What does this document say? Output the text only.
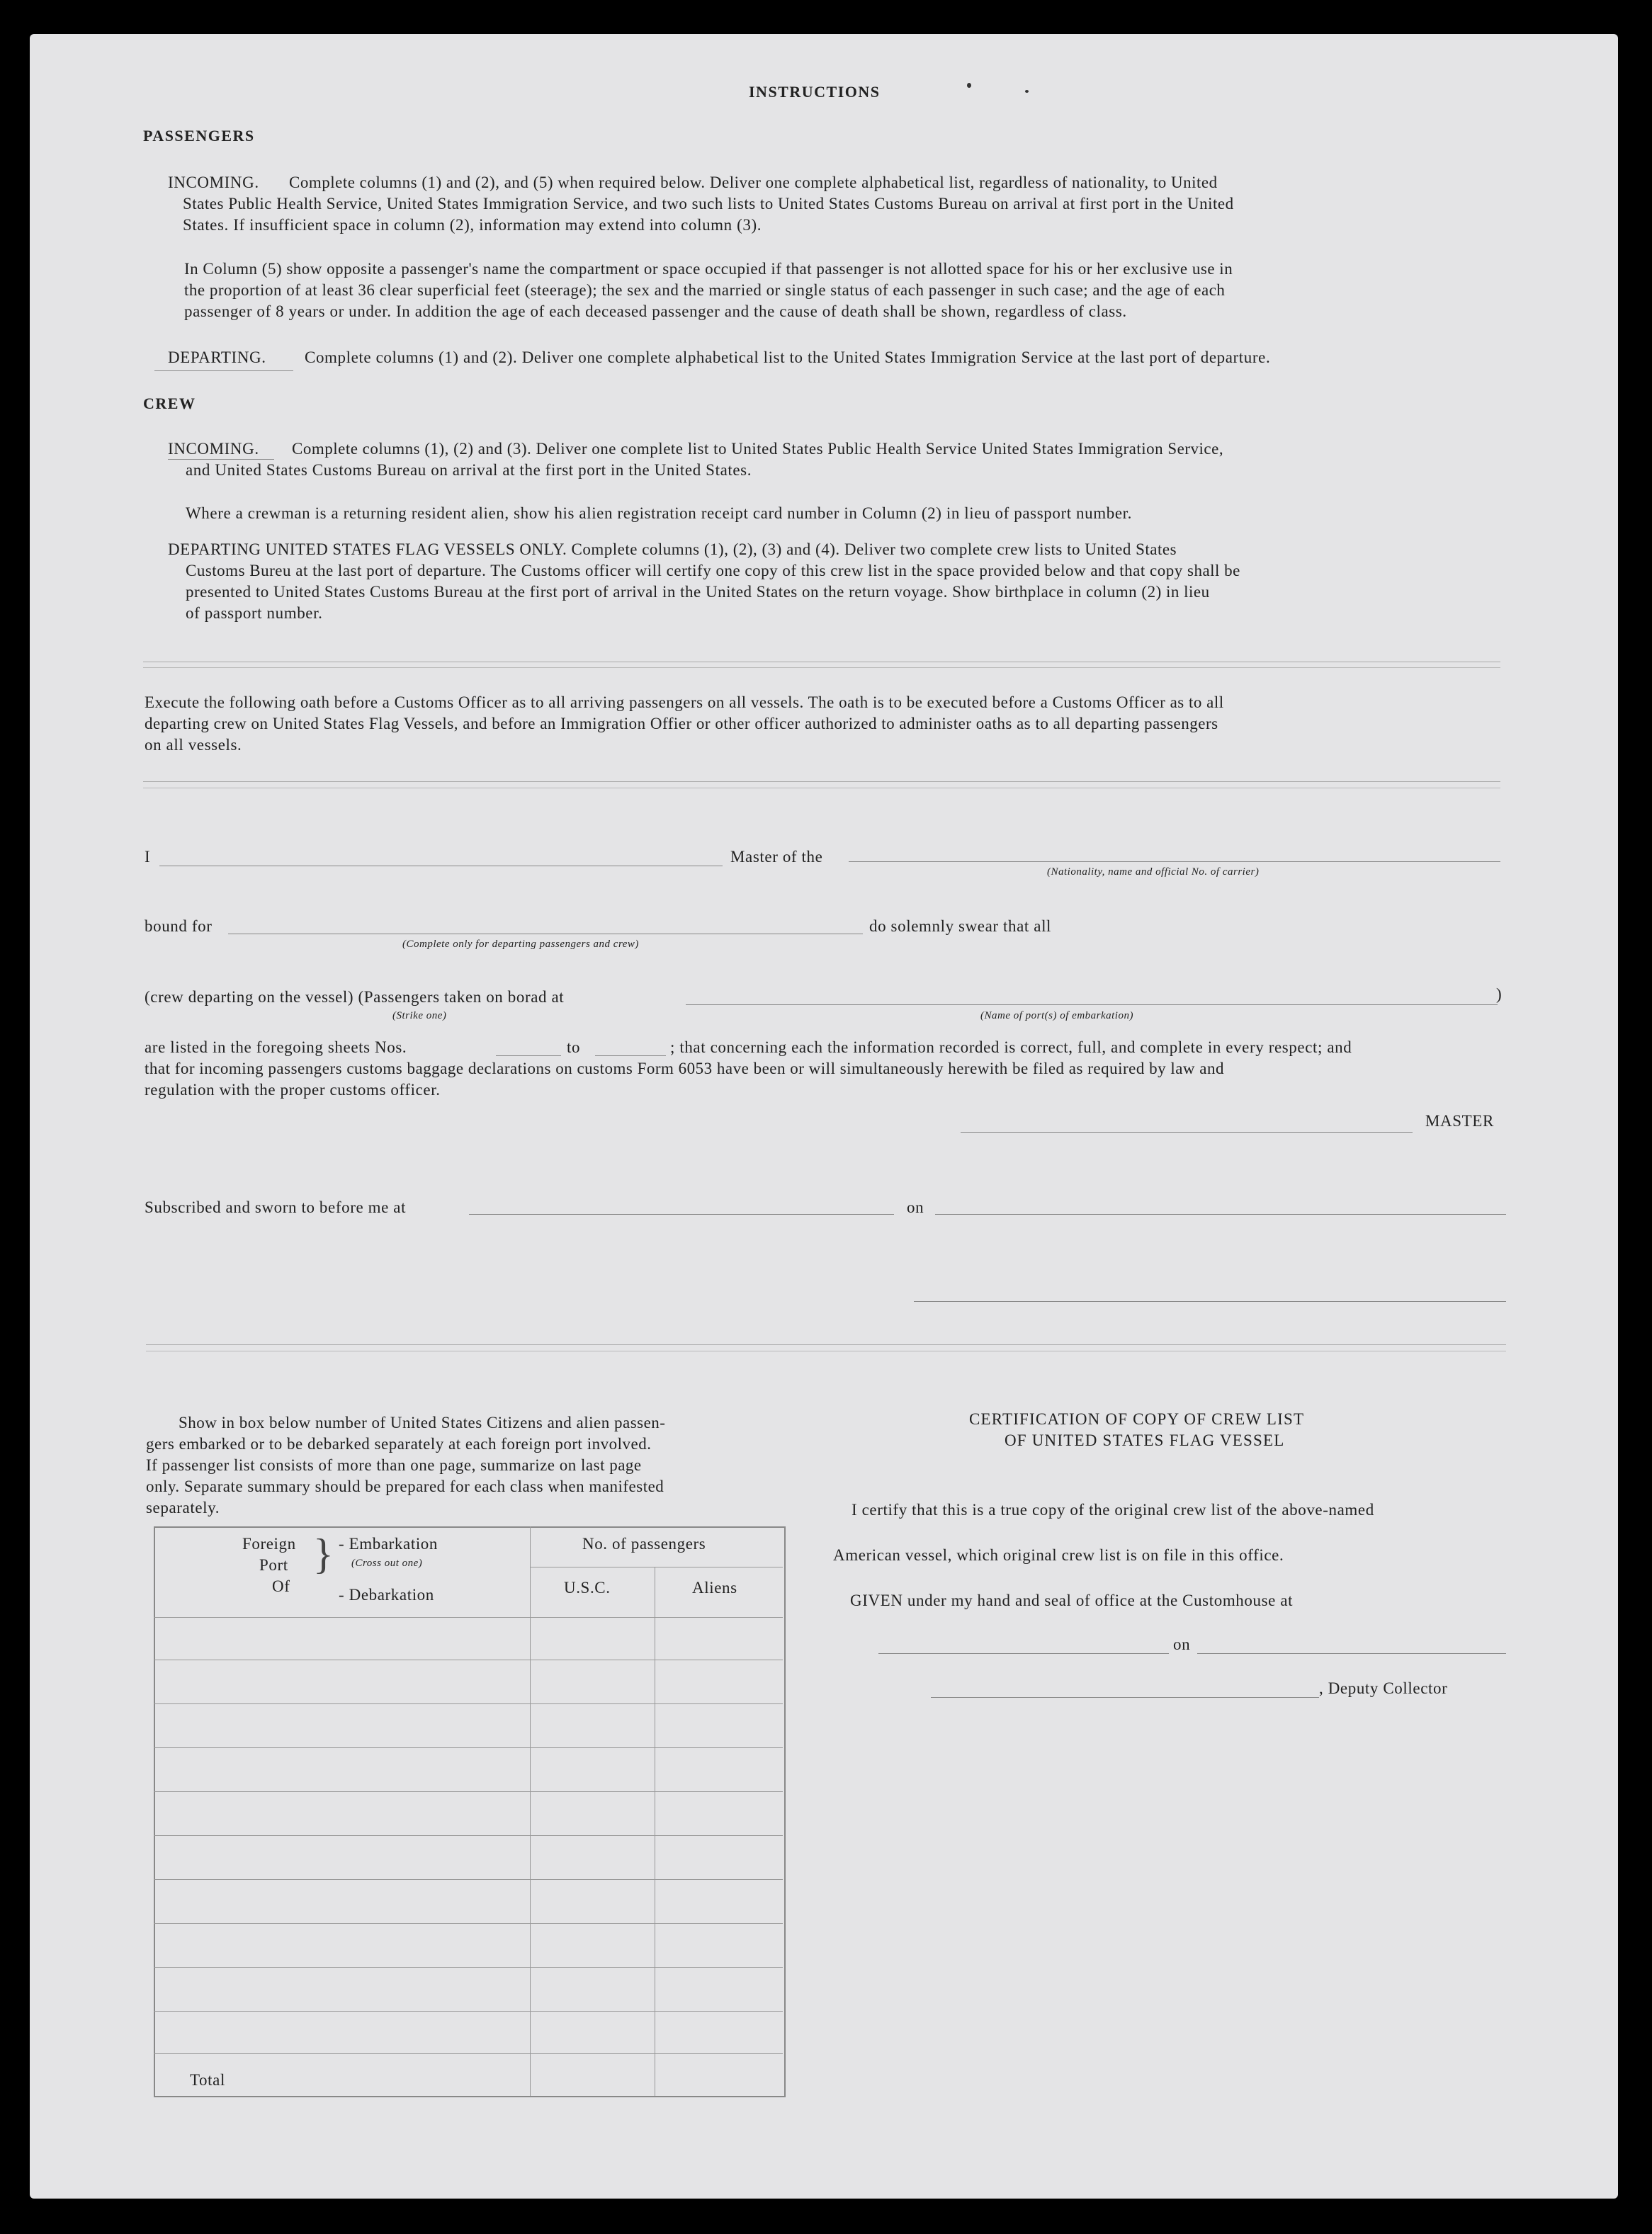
INSTRUCTIONS
PASSENGERS
INCOMING. Complete columns (1) and (2), and (5) when required below. Deliver one complete alphabetical list, regardless of nationality, to United
States Public Health Service, United States Immigration Service, and two such lists to United States Customs Bureau on arrival at first port in the United
States. If insufficient space in column (2), information may extend into column (3).
In Column (5) show opposite a passenger's name the compartment or space occupied if that passenger is not allotted space for his or her exclusive use in
the proportion of at least 36 clear superficial feet (steerage); the sex and the married or single status of each passenger in such case; and the age of each
passenger of 8 years or under. In addition the age of each deceased passenger and the cause of death shall be shown, regardless of class.
DEPARTING. Complete columns (1) and (2). Deliver one complete alphabetical list to the United States Immigration Service at the last port of departure.
CREW
INCOMING. Complete columns (1), (2) and (3). Deliver one complete list to United States Public Health Service United States Immigration Service,
and United States Customs Bureau on arrival at the first port in the United States.
Where a crewman is a returning resident alien, show his alien registration receipt card number in Column (2) in lieu of passport number.
DEPARTING UNITED STATES FLAG VESSELS ONLY. Complete columns (1), (2), (3) and (4). Deliver two complete crew lists to United States
Customs Bureu at the last port of departure. The Customs officer will certify one copy of this crew list in the space provided below and that copy shall be
presented to United States Customs Bureau at the first port of arrival in the United States on the return voyage. Show birthplace in column (2) in lieu
of passport number.
Execute the following oath before a Customs Officer as to all arriving passengers on all vessels. The oath is to be executed before a Customs Officer as to all
departing crew on United States Flag Vessels, and before an Immigration Offier or other officer authorized to administer oaths as to all departing passengers
on all vessels.
I	Master of the
(Nationality, name and official No. of carrier)
bound for
(Complete only for departing passengers and crew)
do solemnly swear that all
(crew departing on the vessel) (Passengers taken on borad at	)
(Strike one)	(Name of port(s) of embarkation)
are listed in the foregoing sheets Nos.	to	; that concerning each the information recorded is correct, full, and complete in every respect; and
that for incoming passengers customs baggage declarations on customs Form 6053 have been or will simultaneously herewith be filed as required by law and
regulation with the proper customs officer.
MASTER
Subscribed and sworn to before me at	on
Show in box below number of United States Citizens and alien passen-
gers embarked or to be debarked separately at each foreign port involved.
If passenger list consists of more than one page, summarize on last page
only. Separate summary should be prepared for each class when manifested
separately.
Foreign
Port
Of
} - Embarkation
(Cross out one)
- Debarkation
No. of passengers
U.S.C.	Aliens
Total
CERTIFICATION OF COPY OF CREW LIST
OF UNITED STATES FLAG VESSEL
I certify that this is a true copy of the original crew list of the above-named
American vessel, which original crew list is on file in this office.
GIVEN under my hand and seal of office at the Customhouse at
on
, Deputy Collector
